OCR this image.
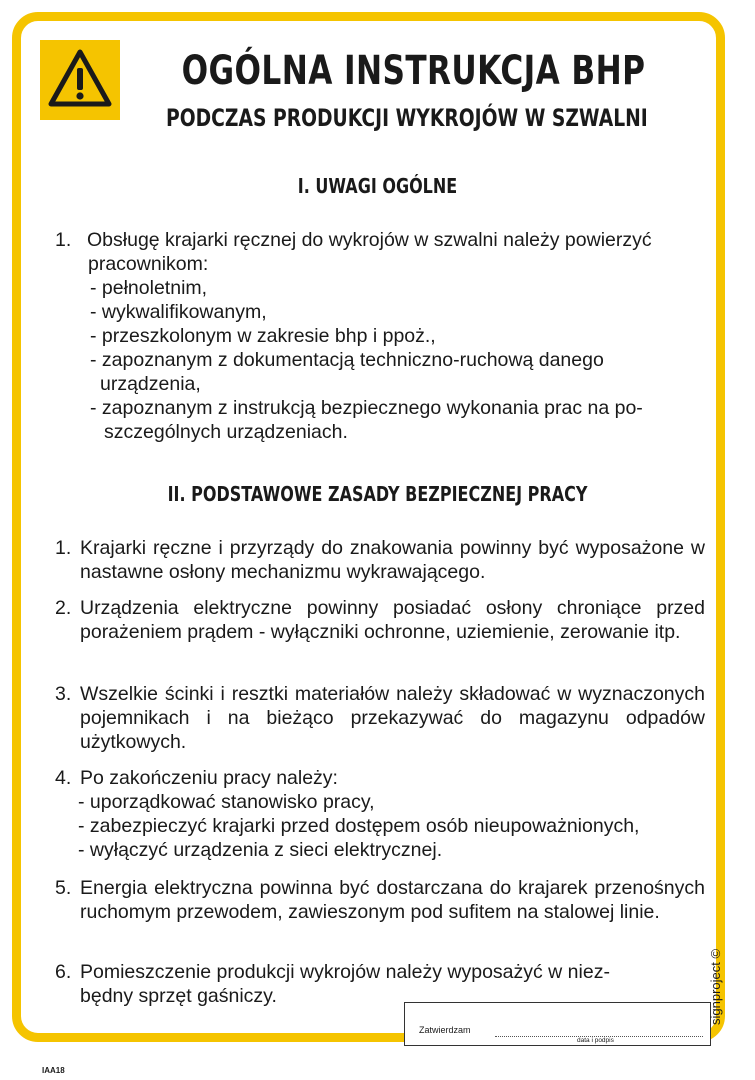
OGÓLNA INSTRUKCJA BHP
PODCZAS PRODUKCJI WYKROJÓW W SZWALNI
I. UWAGI OGÓLNE
1. Obsługę krajarki ręcznej do wykrojów w szwalni należy powierzyć
pracownikom:
- pełnoletnim,
- wykwalifikowanym,
- przeszkolonym w zakresie bhp i ppoż.,
- zapoznanym z dokumentacją techniczno-ruchową danego
urządzenia,
- zapoznanym z instrukcją bezpiecznego wykonania prac na po-
szczególnych urządzeniach.
II. PODSTAWOWE ZASADY BEZPIECZNEJ PRACY
1. Krajarki ręczne i przyrządy do znakowania powinny być wyposażone w nastawne osłony mechanizmu wykrawającego.
2. Urządzenia elektryczne powinny posiadać osłony chroniące przed porażeniem prądem - wyłączniki ochronne, uziemienie, zerowanie itp.
3. Wszelkie ścinki i resztki materiałów należy składować w wyznaczonych pojemnikach i na bieżąco przekazywać do magazynu odpadów użytkowych.
4. Po zakończeniu pracy należy:
- uporządkować stanowisko pracy,
- zabezpieczyć krajarki przed dostępem osób nieupoważnionych,
- wyłączyć urządzenia z sieci elektrycznej.
5. Energia elektryczna powinna być dostarczana do krajarek przenośnych ruchomym przewodem, zawieszonym pod sufitem na stalowej linie.
6. Pomieszczenie produkcji wykrojów należy wyposażyć w niez-
będny sprzęt gaśniczy.
Zatwierdzam
data i podpis
signproject ©
IAA18
